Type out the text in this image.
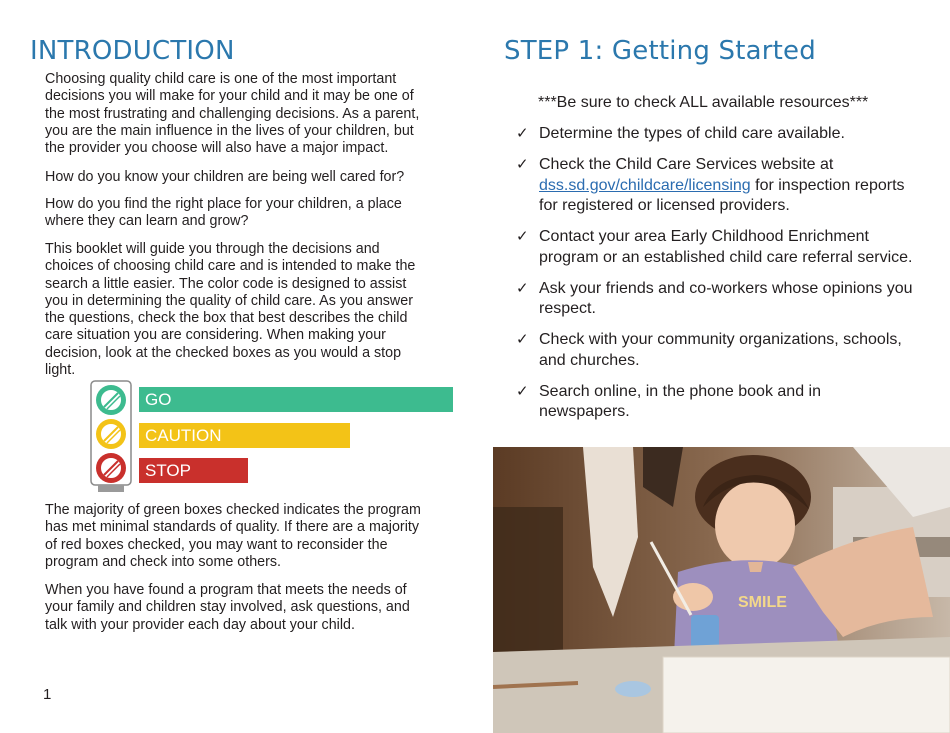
INTRODUCTION

Choosing quality child care is one of the most important decisions you will make for your child and it may be one of the most frustrating and challenging decisions. As a parent, you are the main influence in the lives of your children, but the provider you choose will also have a major impact.

How do you know your children are being well cared for?

How do you find the right place for your children, a place where they can learn and grow?

This booklet will guide you through the decisions and choices of choosing child care and is intended to make the search a little easier. The color code is designed to assist you in determining the quality of child care. As you answer the questions, check the box that best describes the child care situation you are considering. When making your decision, look at the checked boxes as you would a stop light.

GO
CAUTION
STOP

The majority of green boxes checked indicates the program has met minimal standards of quality. If there are a majority of red boxes checked, you may want to reconsider the program and check into some others.

When you have found a program that meets the needs of your family and children stay involved, ask questions, and talk with your provider each day about your child.

1
STEP 1: Getting Started
***Be sure to check ALL available resources***
✓ Determine the types of child care available.
✓ Check the Child Care Services website at dss.sd.gov/childcare/licensing for inspection reports for registered or licensed providers.
✓ Contact your area Early Childhood Enrichment program or an established child care referral service.
✓ Ask your friends and co-workers whose opinions you respect.
✓ Check with your community organizations, schools, and churches.
✓ Search online, in the phone book and in newspapers.
SMILE
